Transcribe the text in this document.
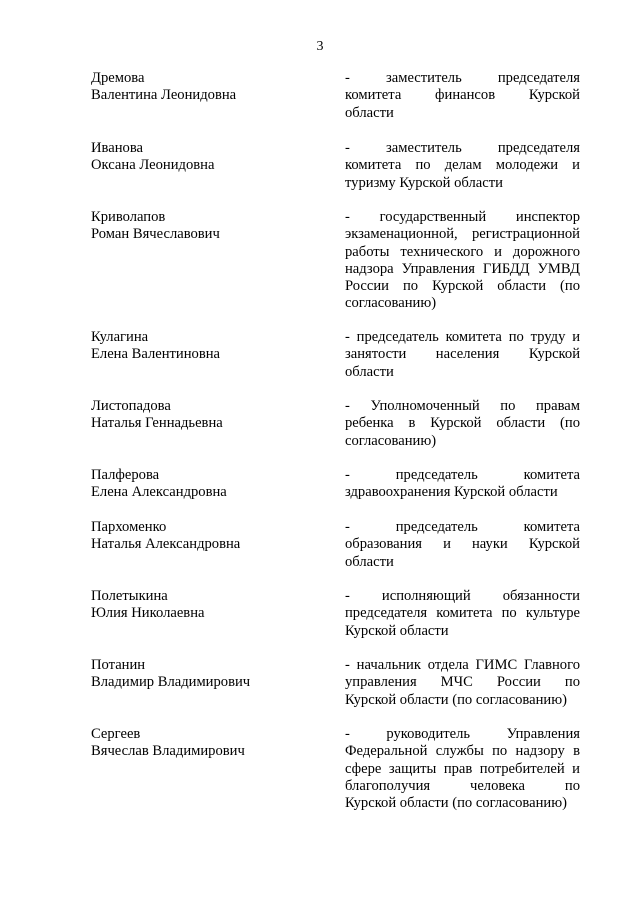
3
Дремова
Валентина Леонидовна
- заместитель председателя
комитета финансов Курской
области
Иванова
Оксана Леонидовна
- заместитель председателя
комитета по делам молодежи и
туризму Курской области
Криволапов
Роман Вячеславович
- государственный инспектор
экзаменационной, регистрационной
работы технического и дорожного
надзора Управления ГИБДД УМВД
России по Курской области (по
согласованию)
Кулагина
Елена Валентиновна
- председатель комитета по труду и
занятости населения Курской
области
Листопадова
Наталья Геннадьевна
- Уполномоченный по правам
ребенка в Курской области (по
согласованию)
Палферова
Елена Александровна
- председатель комитета
здравоохранения Курской области
Пархоменко
Наталья Александровна
- председатель комитета
образования и науки Курской
области
Полетыкина
Юлия Николаевна
- исполняющий обязанности
председателя комитета по культуре
Курской области
Потанин
Владимир Владимирович
- начальник отдела ГИМС Главного
управления МЧС России по
Курской области (по согласованию)
Сергеев
Вячеслав Владимирович
- руководитель Управления
Федеральной службы по надзору в
сфере защиты прав потребителей и
благополучия человека по
Курской области (по согласованию)
